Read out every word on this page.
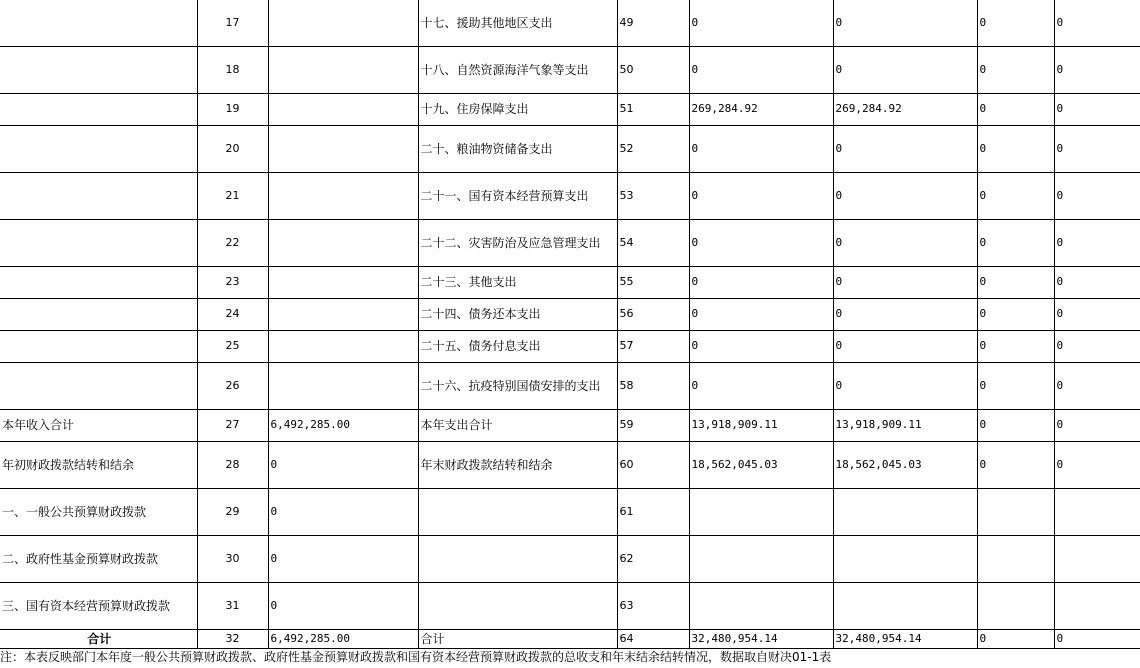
	17		十七、援助其他地区支出	49	0	0	0	0
	18		十八、自然资源海洋气象等支出	50	0	0	0	0
	19		十九、住房保障支出	51	269,284.92	269,284.92	0	0
	20		二十、粮油物资储备支出	52	0	0	0	0
	21		二十一、国有资本经营预算支出	53	0	0	0	0
	22		二十二、灾害防治及应急管理支出	54	0	0	0	0
	23		二十三、其他支出	55	0	0	0	0
	24		二十四、债务还本支出	56	0	0	0	0
	25		二十五、债务付息支出	57	0	0	0	0
	26		二十六、抗疫特别国债安排的支出	58	0	0	0	0
本年收入合计	27	6,492,285.00	本年支出合计	59	13,918,909.11	13,918,909.11	0	0
年初财政拨款结转和结余	28	0	年末财政拨款结转和结余	60	18,562,045.03	18,562,045.03	0	0
一、一般公共预算财政拨款	29	0		61				
二、政府性基金预算财政拨款	30	0		62				
三、国有资本经营预算财政拨款	31	0		63				
合计	32	6,492,285.00	合计	64	32,480,954.14	32,480,954.14	0	0
注：本表反映部门本年度一般公共预算财政拨款、政府性基金预算财政拨款和国有资本经营预算财政拨款的总收支和年末结余结转情况，数据取自财决01-1表
